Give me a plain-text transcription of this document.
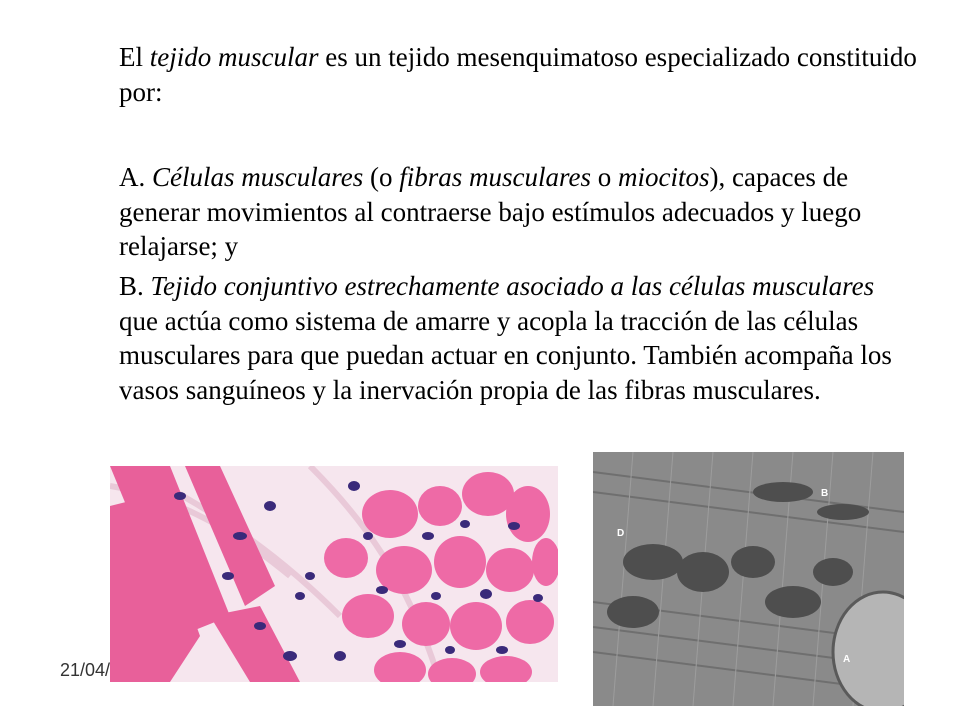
El tejido muscular es un tejido mesenquimatoso especializado constituido por:

A. Células musculares (o fibras musculares o miocitos), capaces de generar movimientos al contraerse bajo estímulos adecuados y luego relajarse; y

B. Tejido conjuntivo estrechamente asociado a las células musculares que actúa como sistema de amarre y acopla la tracción de las células musculares para que puedan actuar en conjunto. También acompaña los vasos sanguíneos y la inervación propia de las fibras musculares.

B
D
A
21/04/
